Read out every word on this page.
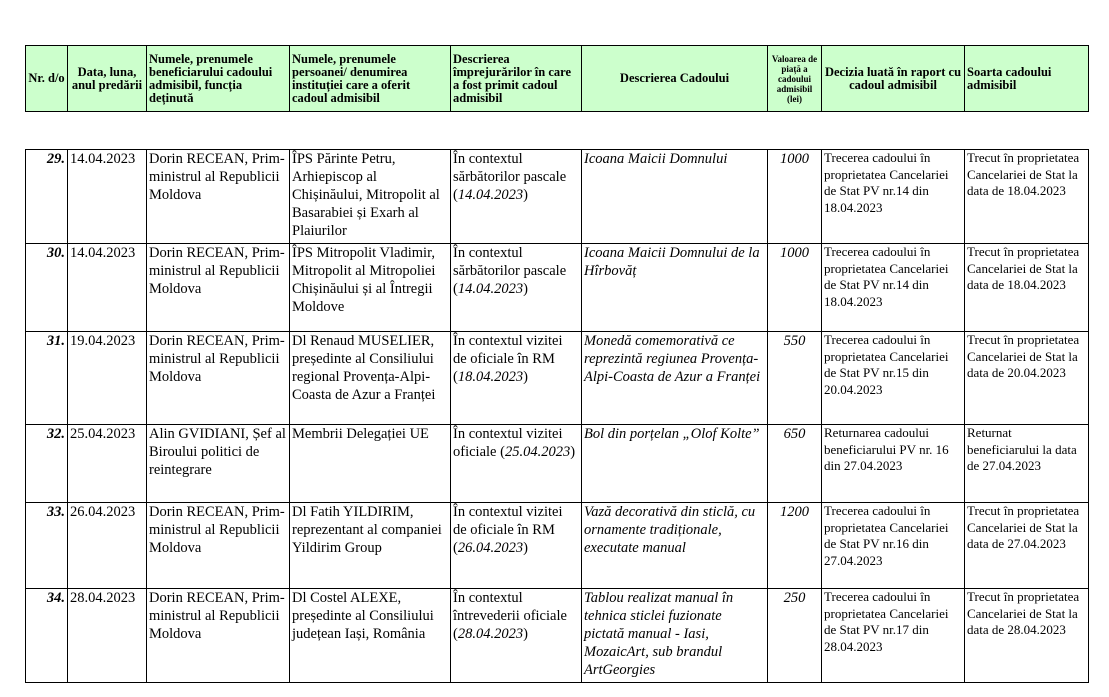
Nr. d/o	Data, luna, anul predării	Numele, prenumele beneficiarului cadoului admisibil, funcția deținută	Numele, prenumele persoanei/ denumirea instituției care a oferit cadoul admisibil	Descrierea împrejurărilor în care a fost primit cadoul admisibil	Descrierea Cadoului	Valoarea de piață a cadoului admisibil (lei)	Decizia luată în raport cu cadoul admisibil	Soarta cadoului admisibil
29.	14.04.2023	Dorin RECEAN, Prim-ministrul al Republicii Moldova	ÎPS Părinte Petru, Arhiepiscop al Chișinăului, Mitropolit al Basarabiei și Exarh al Plaiurilor	În contextul sărbătorilor pascale (14.04.2023)	Icoana Maicii Domnului	1000	Trecerea cadoului în proprietatea Cancelariei de Stat PV nr.14 din 18.04.2023	Trecut în proprietatea Cancelariei de Stat la data de 18.04.2023
30.	14.04.2023	Dorin RECEAN, Prim-ministrul al Republicii Moldova	ÎPS Mitropolit Vladimir, Mitropolit al Mitropoliei Chișinăului și al Întregii Moldove	În contextul sărbătorilor pascale (14.04.2023)	Icoana Maicii Domnului de la Hîrbovăț	1000	Trecerea cadoului în proprietatea Cancelariei de Stat PV nr.14 din 18.04.2023	Trecut în proprietatea Cancelariei de Stat la data de 18.04.2023
31.	19.04.2023	Dorin RECEAN, Prim-ministrul al Republicii Moldova	Dl Renaud MUSELIER, președinte al Consiliului regional Provența-Alpi-Coasta de Azur a Franței	În contextul vizitei de oficiale în RM (18.04.2023)	Monedă comemorativă ce reprezintă regiunea Provența-Alpi-Coasta de Azur a Franței	550	Trecerea cadoului în proprietatea Cancelariei de Stat PV nr.15 din 20.04.2023	Trecut în proprietatea Cancelariei de Stat la data de 20.04.2023
32.	25.04.2023	Alin GVIDIANI, Șef al Biroului politici de reintegrare	Membrii Delegației UE	În contextul vizitei oficiale (25.04.2023)	Bol din porțelan „Olof Kolte”	650	Returnarea cadoului beneficiarului PV nr. 16 din 27.04.2023	Returnat beneficiarului la data de 27.04.2023
33.	26.04.2023	Dorin RECEAN, Prim-ministrul al Republicii Moldova	Dl Fatih YILDIRIM, reprezentant al companiei Yildirim Group	În contextul vizitei de oficiale în RM (26.04.2023)	Vază decorativă din sticlă, cu ornamente tradiționale, executate manual	1200	Trecerea cadoului în proprietatea Cancelariei de Stat PV nr.16 din 27.04.2023	Trecut în proprietatea Cancelariei de Stat la data de 27.04.2023
34.	28.04.2023	Dorin RECEAN, Prim-ministrul al Republicii Moldova	Dl Costel ALEXE, președinte al Consiliului județean Iași, România	În contextul întrevederii oficiale (28.04.2023)	Tablou realizat manual în tehnica sticlei fuzionate pictată manual - Iasi, MozaicArt, sub brandul ArtGeorgies	250	Trecerea cadoului în proprietatea Cancelariei de Stat PV nr.17 din 28.04.2023	Trecut în proprietatea Cancelariei de Stat la data de 28.04.2023
